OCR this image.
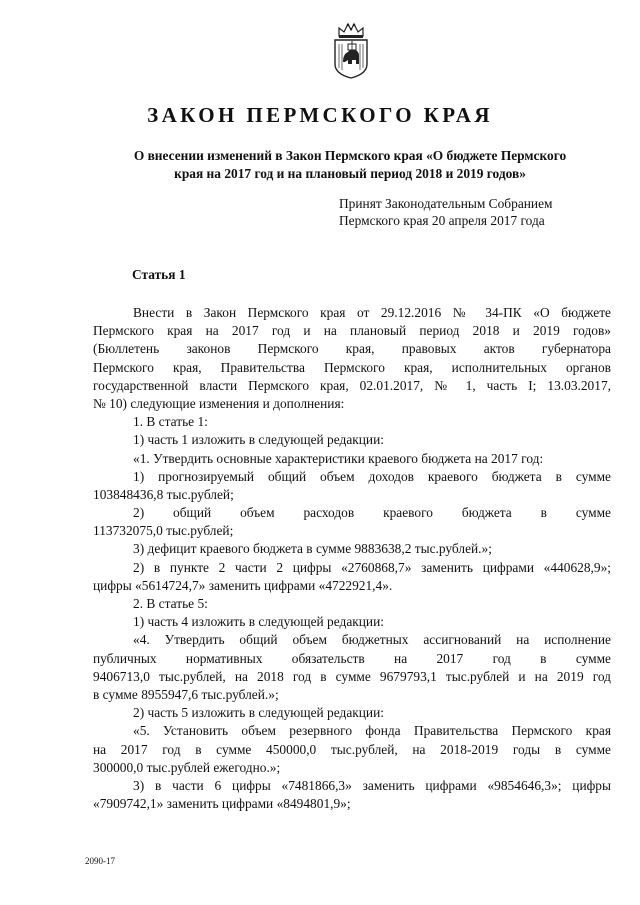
ЗАКОН ПЕРМСКОГО КРАЯ
О внесении изменений в Закон Пермского края «О бюджете Пермского
края на 2017 год и на плановый период 2018 и 2019 годов»
Принят Законодательным Собранием
Пермского края 20 апреля 2017 года
Статья 1
Внести в Закон Пермского края от 29.12.2016 № 34-ПК «О бюджете
Пермского края на 2017 год и на плановый период 2018 и 2019 годов»
(Бюллетень законов Пермского края, правовых актов губернатора
Пермского края, Правительства Пермского края, исполнительных органов
государственной власти Пермского края, 02.01.2017, № 1, часть I; 13.03.2017,
№ 10) следующие изменения и дополнения:
1. В статье 1:
1) часть 1 изложить в следующей редакции:
«1. Утвердить основные характеристики краевого бюджета на 2017 год:
1) прогнозируемый общий объем доходов краевого бюджета в сумме
103848436,8 тыс.рублей;
2) общий объем расходов краевого бюджета в сумме
113732075,0 тыс.рублей;
3) дефицит краевого бюджета в сумме 9883638,2 тыс.рублей.»;
2) в пункте 2 части 2 цифры «2760868,7» заменить цифрами «440628,9»;
цифры «5614724,7» заменить цифрами «4722921,4».
2. В статье 5:
1) часть 4 изложить в следующей редакции:
«4. Утвердить общий объем бюджетных ассигнований на исполнение
публичных нормативных обязательств на 2017 год в сумме
9406713,0 тыс.рублей, на 2018 год в сумме 9679793,1 тыс.рублей и на 2019 год
в сумме 8955947,6 тыс.рублей.»;
2) часть 5 изложить в следующей редакции:
«5. Установить объем резервного фонда Правительства Пермского края
на 2017 год в сумме 450000,0 тыс.рублей, на 2018-2019 годы в сумме
300000,0 тыс.рублей ежегодно.»;
3) в части 6 цифры «7481866,3» заменить цифрами «9854646,3»; цифры
«7909742,1» заменить цифрами «8494801,9»;
2090-17
